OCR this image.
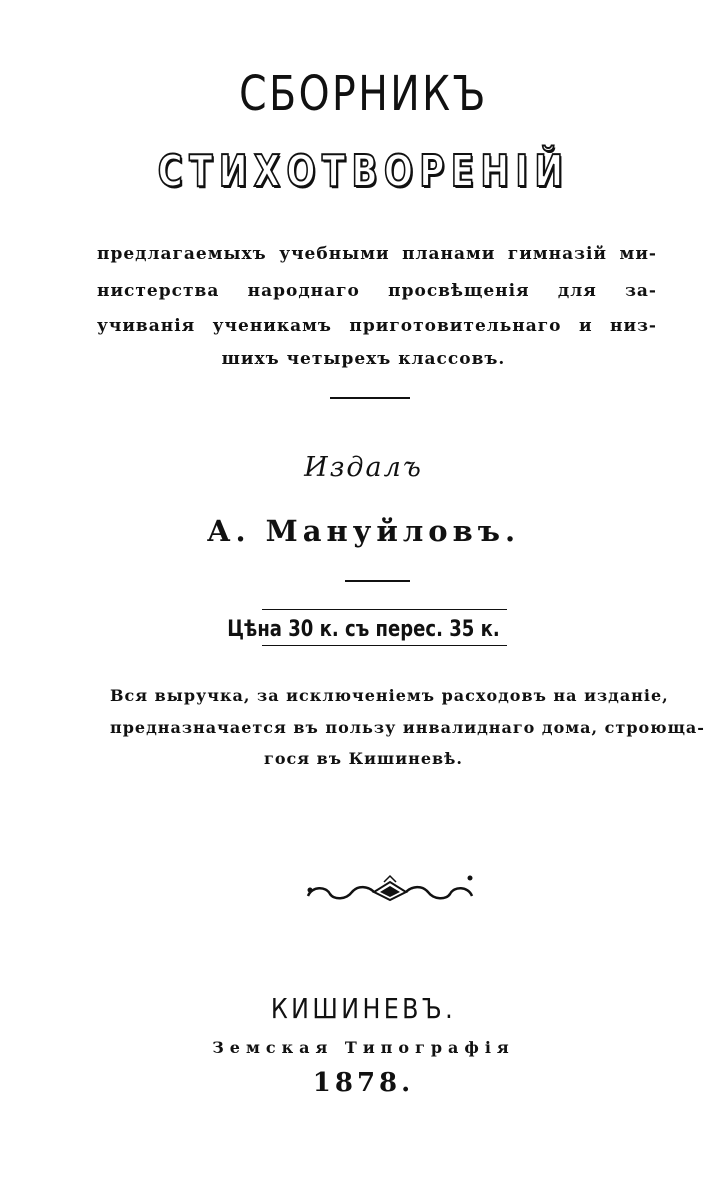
СБОРНИКЪ
СТИХОТВОРЕНІЙ
предлагаемыхъ учебными планами гимназій ми-
нистерства народнаго просвѣщенія для за-
учиванія ученикамъ приготовительнаго и низ-
шихъ четырехъ классовъ.
Издалъ
А. Мануйловъ.
Цѣна 30 к. съ перес. 35 к.
Вся выручка, за исключеніемъ расходовъ на изданіе,
предназначается въ пользу инвалиднаго дома, строюща-
гося въ Кишиневѣ.
КИШИНЕВЪ.
Земская Типографія
1878.
